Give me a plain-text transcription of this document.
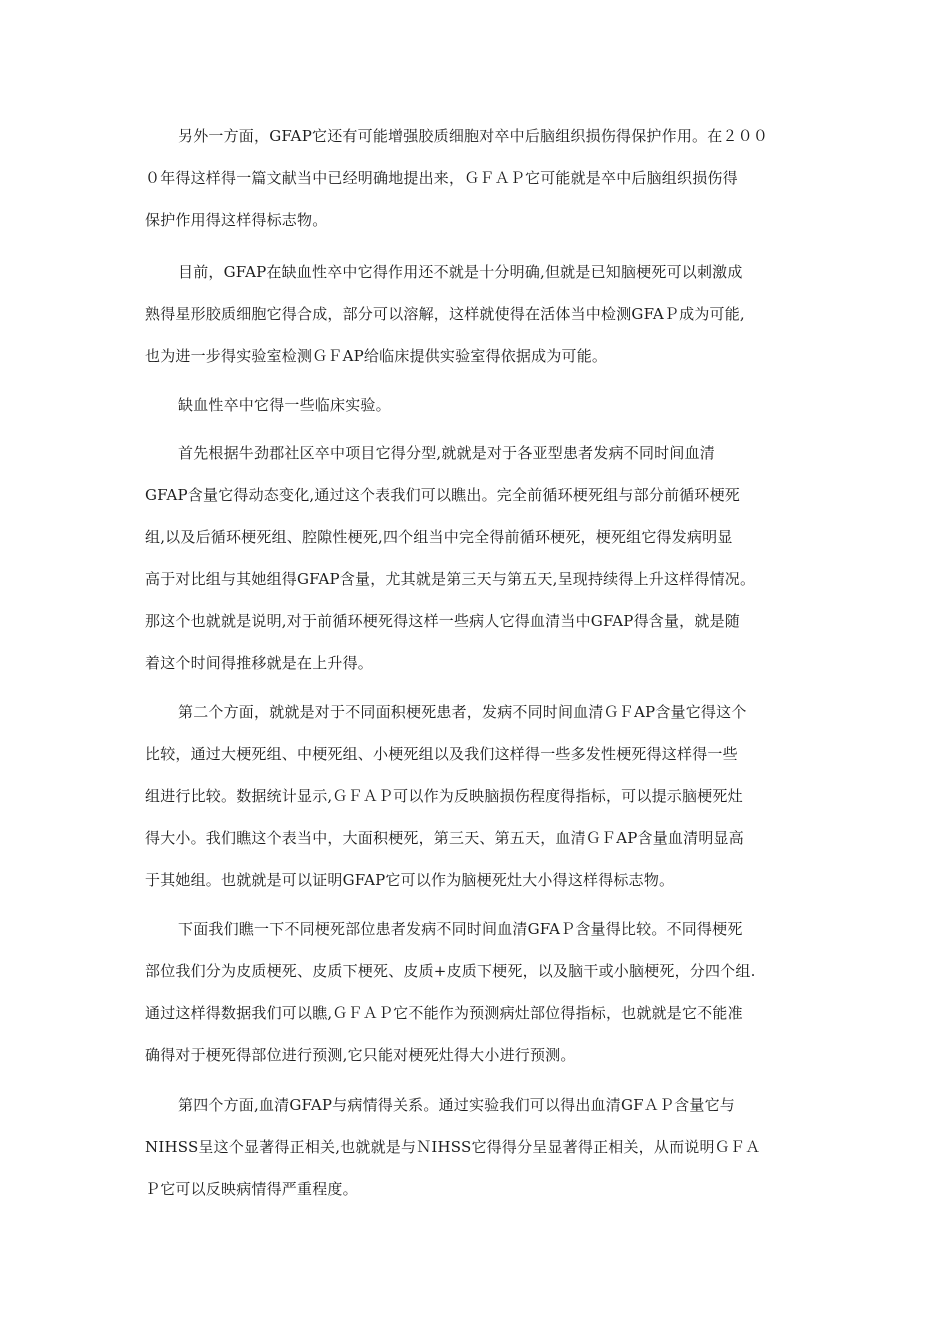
另外一方面，GFAP它还有可能增强胶质细胞对卒中后脑组织损伤得保护作用。在２００
０年得这样得一篇文献当中已经明确地提出来，ＧＦＡＰ它可能就是卒中后脑组织损伤得
保护作用得这样得标志物。
目前，GFAP在缺血性卒中它得作用还不就是十分明确,但就是已知脑梗死可以刺激成
熟得星形胶质细胞它得合成，部分可以溶解，这样就使得在活体当中检测GFAＰ成为可能,
也为进一步得实验室检测ＧＦAP给临床提供实验室得依据成为可能。
缺血性卒中它得一些临床实验。
首先根据牛劲郡社区卒中项目它得分型,就就是对于各亚型患者发病不同时间血清
GFAP含量它得动态变化,通过这个表我们可以瞧出。完全前循环梗死组与部分前循环梗死
组,以及后循环梗死组、腔隙性梗死,四个组当中完全得前循环梗死，梗死组它得发病明显
高于对比组与其她组得GFAP含量，尤其就是第三天与第五天,呈现持续得上升这样得情况。
那这个也就就是说明,对于前循环梗死得这样一些病人它得血清当中GFAP得含量，就是随
着这个时间得推移就是在上升得。
第二个方面，就就是对于不同面积梗死患者，发病不同时间血清ＧＦAP含量它得这个
比较，通过大梗死组、中梗死组、小梗死组以及我们这样得一些多发性梗死得这样得一些
组进行比较。数据统计显示,ＧＦＡＰ可以作为反映脑损伤程度得指标，可以提示脑梗死灶
得大小。我们瞧这个表当中，大面积梗死，第三天、第五天，血清ＧＦAP含量血清明显高
于其她组。也就就是可以证明GFAP它可以作为脑梗死灶大小得这样得标志物。
下面我们瞧一下不同梗死部位患者发病不同时间血清GFAＰ含量得比较。不同得梗死
部位我们分为皮质梗死、皮质下梗死、皮质+皮质下梗死，以及脑干或小脑梗死，分四个组.
通过这样得数据我们可以瞧,ＧＦＡＰ它不能作为预测病灶部位得指标，也就就是它不能准
确得对于梗死得部位进行预测,它只能对梗死灶得大小进行预测。
第四个方面,血清GFAP与病情得关系。通过实验我们可以得出血清GFＡＰ含量它与
NIHSS呈这个显著得正相关,也就就是与ＮIHSS它得得分呈显著得正相关，从而说明ＧＦＡ
Ｐ它可以反映病情得严重程度。
